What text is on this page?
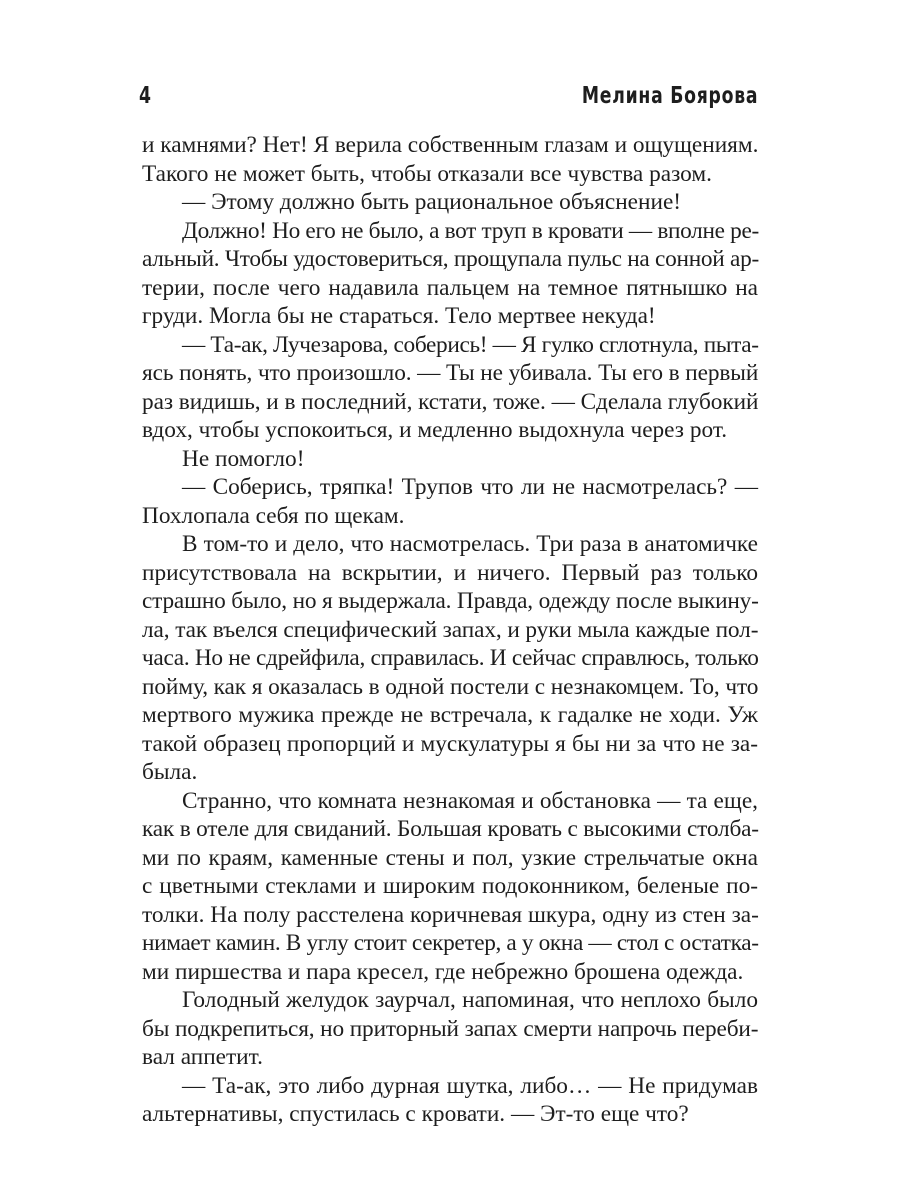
4	Мелина Боярова

и камнями? Нет! Я верила собственным глазам и ощущениям.
Такого не может быть, чтобы отказали все чувства разом.
— Этому должно быть рациональное объяснение!
Должно! Но его не было, а вот труп в кровати — вполне ре-
альный. Чтобы удостовериться, прощупала пульс на сонной ар-
терии, после чего надавила пальцем на темное пятнышко на
груди. Могла бы не стараться. Тело мертвее некуда!
— Та-ак, Лучезарова, соберись! — Я гулко сглотнула, пыта-
ясь понять, что произошло. — Ты не убивала. Ты его в первый
раз видишь, и в последний, кстати, тоже. — Сделала глубокий
вдох, чтобы успокоиться, и медленно выдохнула через рот.
Не помогло!
— Соберись, тряпка! Трупов что ли не насмотрелась? —
Похлопала себя по щекам.
В том-то и дело, что насмотрелась. Три раза в анатомичке
присутствовала на вскрытии, и ничего. Первый раз только
страшно было, но я выдержала. Правда, одежду после выкину-
ла, так въелся специфический запах, и руки мыла каждые пол-
часа. Но не сдрейфила, справилась. И сейчас справлюсь, только
пойму, как я оказалась в одной постели с незнакомцем. То, что
мертвого мужика прежде не встречала, к гадалке не ходи. Уж
такой образец пропорций и мускулатуры я бы ни за что не за-
была.
Странно, что комната незнакомая и обстановка — та еще,
как в отеле для свиданий. Большая кровать с высокими столба-
ми по краям, каменные стены и пол, узкие стрельчатые окна
с цветными стеклами и широким подоконником, беленые по-
толки. На полу расстелена коричневая шкура, одну из стен за-
нимает камин. В углу стоит секретер, а у окна — стол с остатка-
ми пиршества и пара кресел, где небрежно брошена одежда.
Голодный желудок заурчал, напоминая, что неплохо было
бы подкрепиться, но приторный запах смерти напрочь переби-
вал аппетит.
— Та-ак, это либо дурная шутка, либо… — Не придумав
альтернативы, спустилась с кровати. — Эт-то еще что?
